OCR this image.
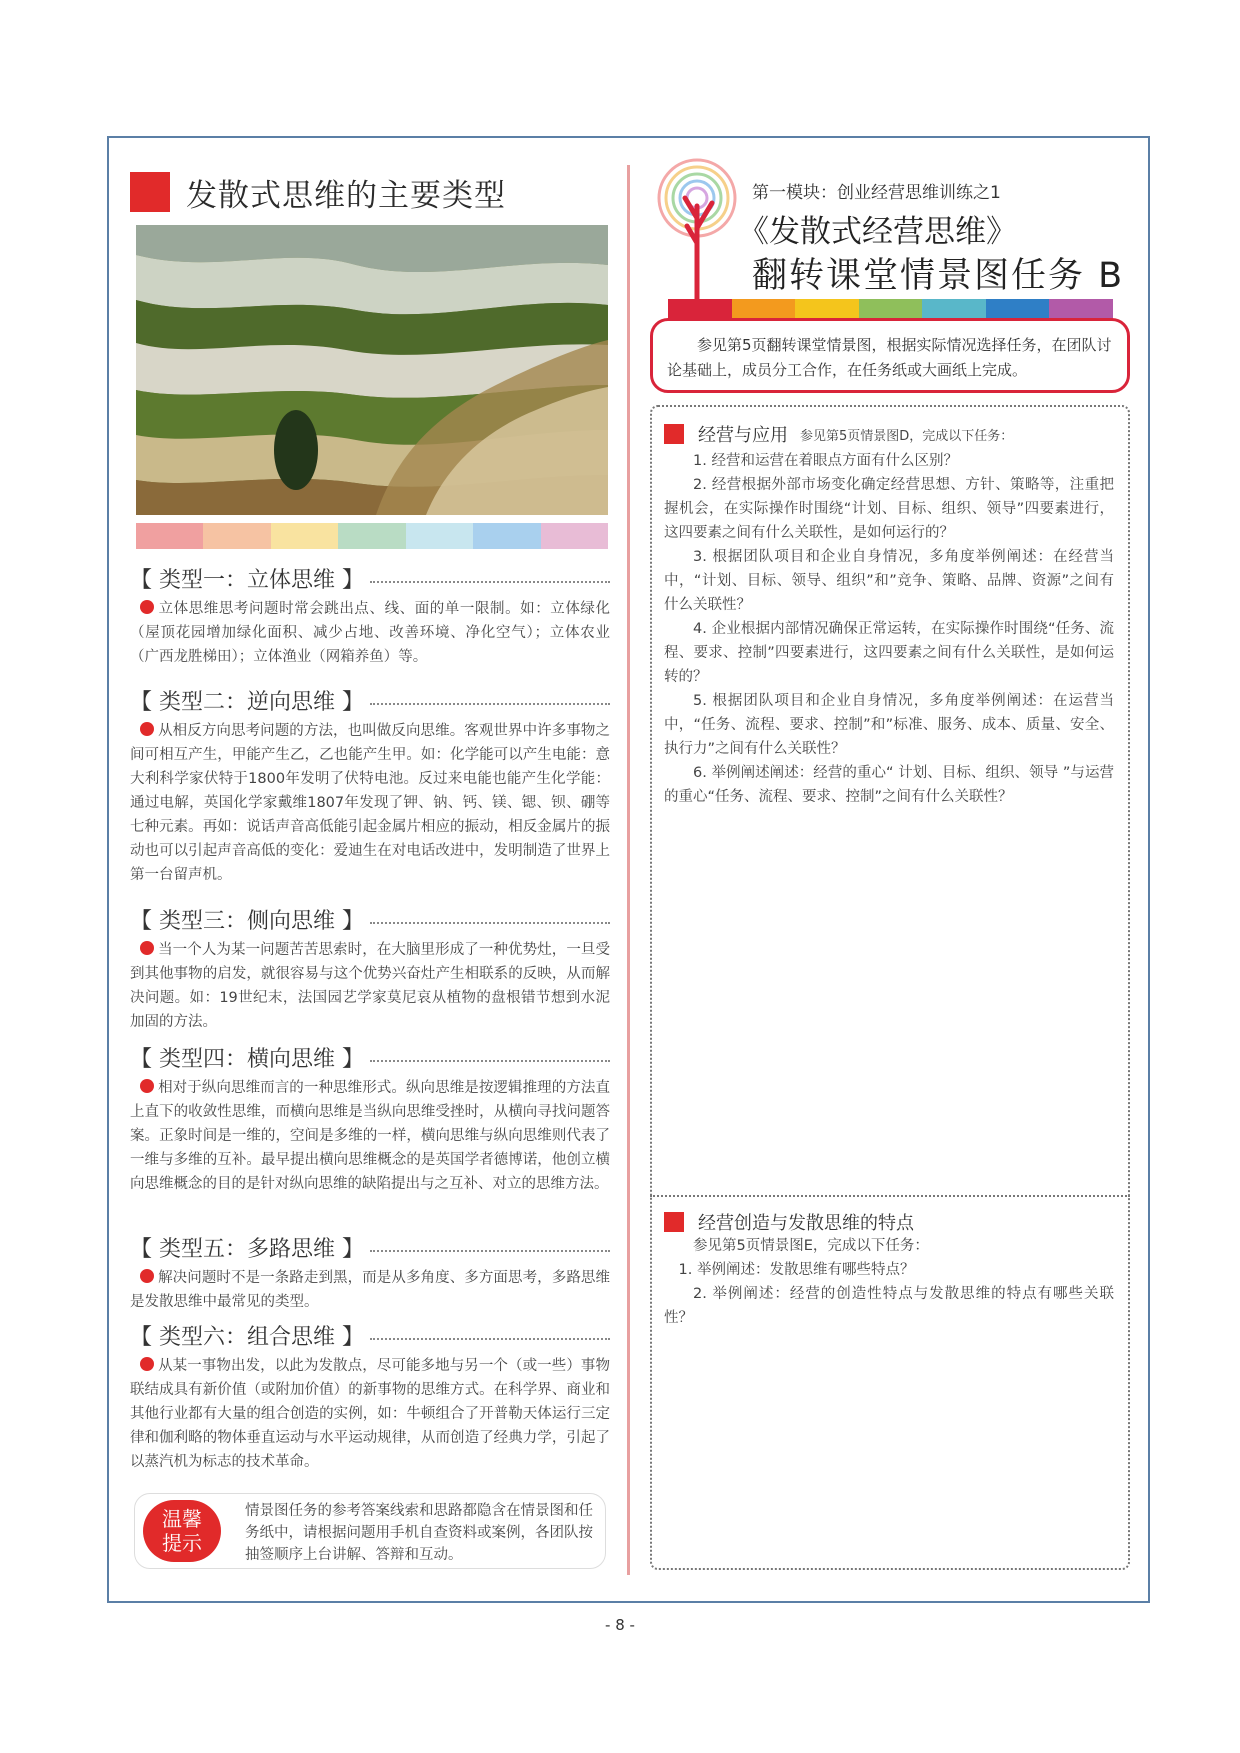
发散式思维的主要类型
【 类型一：立体思维 】
立体思维思考问题时常会跳出点、线、面的单一限制。如：立体绿化（屋顶花园增加绿化面积、减少占地、改善环境、净化空气）；立体农业（广西龙胜梯田）；立体渔业（网箱养鱼）等。
【 类型二：逆向思维 】
从相反方向思考问题的方法，也叫做反向思维。客观世界中许多事物之间可相互产生，甲能产生乙，乙也能产生甲。如：化学能可以产生电能：意大利科学家伏特于1800年发明了伏特电池。反过来电能也能产生化学能：通过电解，英国化学家戴维1807年发现了钾、钠、钙、镁、锶、钡、硼等七种元素。再如：说话声音高低能引起金属片相应的振动，相反金属片的振动也可以引起声音高低的变化：爱迪生在对电话改进中，发明制造了世界上第一台留声机。
【 类型三：侧向思维 】
当一个人为某一问题苦苦思索时，在大脑里形成了一种优势灶，一旦受到其他事物的启发，就很容易与这个优势兴奋灶产生相联系的反映，从而解决问题。如：19世纪末，法国园艺学家莫尼哀从植物的盘根错节想到水泥加固的方法。
【 类型四：横向思维 】
相对于纵向思维而言的一种思维形式。纵向思维是按逻辑推理的方法直上直下的收敛性思维，而横向思维是当纵向思维受挫时，从横向寻找问题答案。正象时间是一维的，空间是多维的一样，横向思维与纵向思维则代表了一维与多维的互补。最早提出横向思维概念的是英国学者德博诺，他创立横向思维概念的目的是针对纵向思维的缺陷提出与之互补、对立的思维方法。
【 类型五：多路思维 】
解决问题时不是一条路走到黑，而是从多角度、多方面思考，多路思维是发散思维中最常见的类型。
【 类型六：组合思维 】
从某一事物出发，以此为发散点，尽可能多地与另一个（或一些）事物联结成具有新价值（或附加价值）的新事物的思维方式。在科学界、商业和其他行业都有大量的组合创造的实例，如：牛顿组合了开普勒天体运行三定律和伽利略的物体垂直运动与水平运动规律，从而创造了经典力学，引起了以蒸汽机为标志的技术革命。
温馨
提示
情景图任务的参考答案线索和思路都隐含在情景图和任务纸中，请根据问题用手机自查资料或案例，各团队按抽签顺序上台讲解、答辩和互动。
第一模块：创业经营思维训练之1
《发散式经营思维》
翻转课堂情景图任务 B
参见第5页翻转课堂情景图，根据实际情况选择任务，在团队讨论基础上，成员分工合作，在任务纸或大画纸上完成。
经营与应用 参见第5页情景图D，完成以下任务：

1. 经营和运营在着眼点方面有什么区别？

2. 经营根据外部市场变化确定经营思想、方针、策略等，注重把握机会，在实际操作时围绕“计划、目标、组织、领导”四要素进行，这四要素之间有什么关联性，是如何运行的？

3. 根据团队项目和企业自身情况，多角度举例阐述：在经营当中，“计划、目标、领导、组织”和”竞争、策略、品牌、资源”之间有什么关联性？

4. 企业根据内部情况确保正常运转，在实际操作时围绕“任务、流程、要求、控制”四要素进行，这四要素之间有什么关联性，是如何运转的？

5. 根据团队项目和企业自身情况，多角度举例阐述：在运营当中，“任务、流程、要求、控制”和”标准、服务、成本、质量、安全、执行力”之间有什么关联性？

6. 举例阐述阐述：经营的重心“ 计划、目标、组织、领导 ”与运营的重心“任务、流程、要求、控制”之间有什么关联性？

经营创造与发散思维的特点

参见第5页情景图E，完成以下任务：

1. 举例阐述：发散思维有哪些特点？

2. 举例阐述：经营的创造性特点与发散思维的特点有哪些关联性？

- 8 -
